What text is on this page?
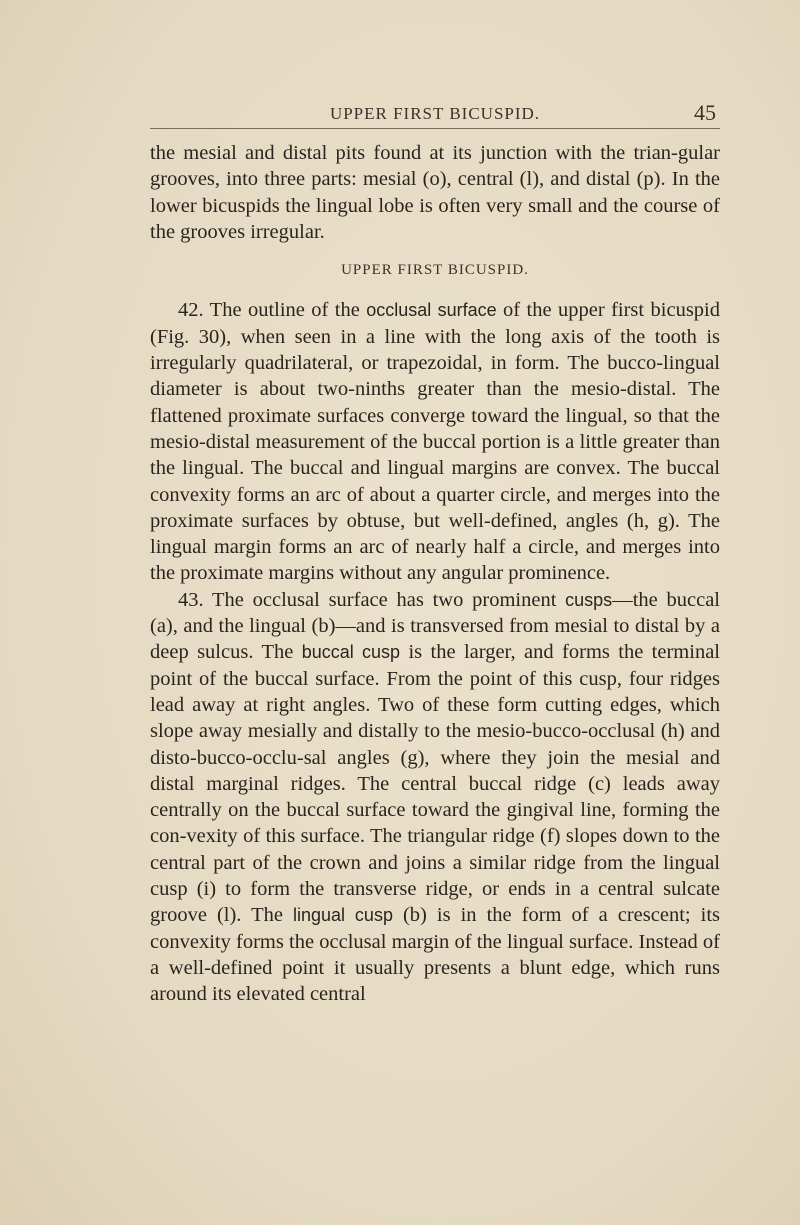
UPPER FIRST BICUSPID.	45

the mesial and distal pits found at its junction with the trian-gular grooves, into three parts: mesial (o), central (l), and distal (p). In the lower bicuspids the lingual lobe is often very small and the course of the grooves irregular.

UPPER FIRST BICUSPID.

42. The outline of the occlusal surface of the upper first bicuspid (Fig. 30), when seen in a line with the long axis of the tooth is irregularly quadrilateral, or trapezoidal, in form. The bucco-lingual diameter is about two-ninths greater than the mesio-distal. The flattened proximate surfaces converge toward the lingual, so that the mesio-distal measurement of the buccal portion is a little greater than the lingual. The buccal and lingual margins are convex. The buccal convexity forms an arc of about a quarter circle, and merges into the proximate surfaces by obtuse, but well-defined, angles (h, g). The lingual margin forms an arc of nearly half a circle, and merges into the proximate margins without any angular prominence.

43. The occlusal surface has two prominent cusps—the buccal (a), and the lingual (b)—and is transversed from mesial to distal by a deep sulcus. The buccal cusp is the larger, and forms the terminal point of the buccal surface. From the point of this cusp, four ridges lead away at right angles. Two of these form cutting edges, which slope away mesially and distally to the mesio-bucco-occlusal (h) and disto-bucco-occlu-sal angles (g), where they join the mesial and distal marginal ridges. The central buccal ridge (c) leads away centrally on the buccal surface toward the gingival line, forming the con-vexity of this surface. The triangular ridge (f) slopes down to the central part of the crown and joins a similar ridge from the lingual cusp (i) to form the transverse ridge, or ends in a central sulcate groove (l). The lingual cusp (b) is in the form of a crescent; its convexity forms the occlusal margin of the lingual surface. Instead of a well-defined point it usually presents a blunt edge, which runs around its elevated central
